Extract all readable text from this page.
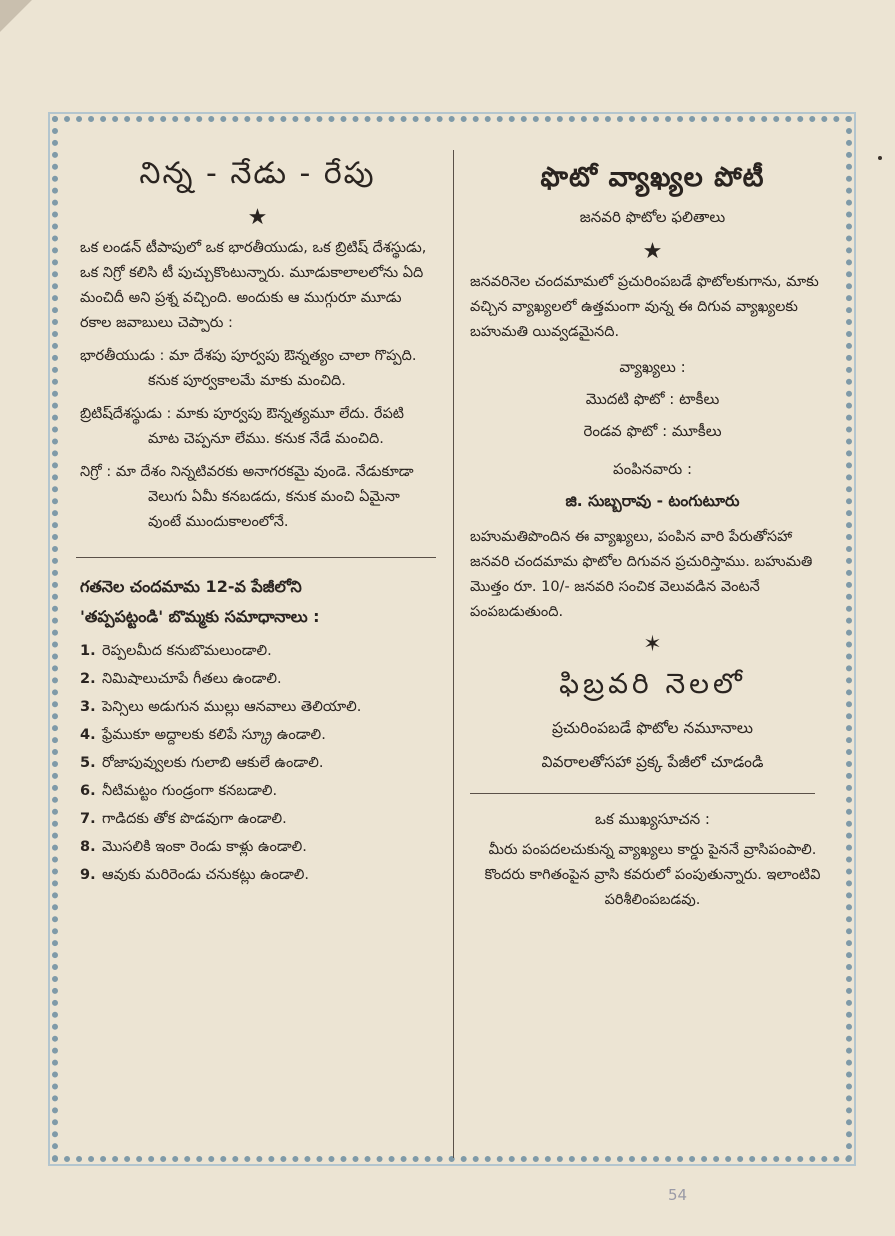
నిన్న - నేడు - రేపు
★

ఒక లండన్ టీపాపులో ఒక భారతీయుడు, ఒక బ్రిటిష్ దేశస్థుడు, ఒక నిగ్రో కలిసి టీ పుచ్చుకొంటున్నారు. మూడుకాలాలలోను ఏది మంచిదీ అని ప్రశ్న వచ్చింది. అందుకు ఆ ముగ్గురూ మూడు రకాల జవాబులు చెప్పారు :

భారతీయుడు : మా దేశపు పూర్వపు ఔన్నత్యం చాలా గొప్పది. కనుక పూర్వకాలమే మాకు మంచిది.

బ్రిటిష్‌దేశస్థుడు : మాకు పూర్వపు ఔన్నత్యమూ లేదు. రేపటి మాట చెప్పనూ లేము. కనుక నేడే మంచిది.

నిగ్రో : మా దేశం నిన్నటివరకు అనాగరకమై వుండె. నేడుకూడా వెలుగు ఏమీ కనబడదు, కనుక మంచి ఏమైనా వుంటే ముందుకాలంలోనే.

గతనెల చందమామ 12-వ పేజీలోని
'తప్పపట్టండి' బొమ్మకు సమాధానాలు :
1. రెప్పలమీద కనుబొమలుండాలి.
2. నిమిషాలుచూపే గీతలు ఉండాలి.
3. పెన్సిలు అడుగున ముల్లు ఆనవాలు తెలియాలి.
4. ఫ్రేముకూ అద్దాలకు కలిపే స్క్రూ ఉండాలి.
5. రోజాపువ్వులకు గులాబి ఆకులే ఉండాలి.
6. నీటిమట్టం గుండ్రంగా కనబడాలి.
7. గాడిదకు తోక పొడవుగా ఉండాలి.
8. మొసలికి ఇంకా రెండు కాళ్లు ఉండాలి.
9. ఆవుకు మరిరెండు చనుకట్లు ఉండాలి.
ఫొటో వ్యాఖ్యల పోటీ
జనవరి ఫొటోల ఫలితాలు
★

జనవరినెల చందమామలో ప్రచురింపబడే ఫొటోలకుగాను, మాకు వచ్చిన వ్యాఖ్యలలో ఉత్తమంగా వున్న ఈ దిగువ వ్యాఖ్యలకు బహుమతి యివ్వడమైనది.

వ్యాఖ్యలు :
మొదటి ఫొటో : టాకీలు
రెండవ ఫొటో : మూకీలు
పంపినవారు :
జి. సుబ్బరావు - టంగుటూరు

బహుమతిపొందిన ఈ వ్యాఖ్యలు, పంపిన వారి పేరుతోసహా జనవరి చందమామ ఫొటోల దిగువన ప్రచురిస్తాము. బహుమతి మొత్తం రూ. 10/- జనవరి సంచిక వెలువడిన వెంటనే పంపబడుతుంది.

✶
ఫిబ్రవరి నెలలో
ప్రచురింపబడే ఫొటోల నమూనాలు
వివరాలతోసహా ప్రక్క పేజీలో చూడండి
ఒక ముఖ్యసూచన :

మీరు పంపదలచుకున్న వ్యాఖ్యలు కార్డు పైననే వ్రాసిపంపాలి. కొందరు కాగితంపైన వ్రాసి కవరులో పంపుతున్నారు. ఇలాంటివి పరిశీలింపబడవు.

54
